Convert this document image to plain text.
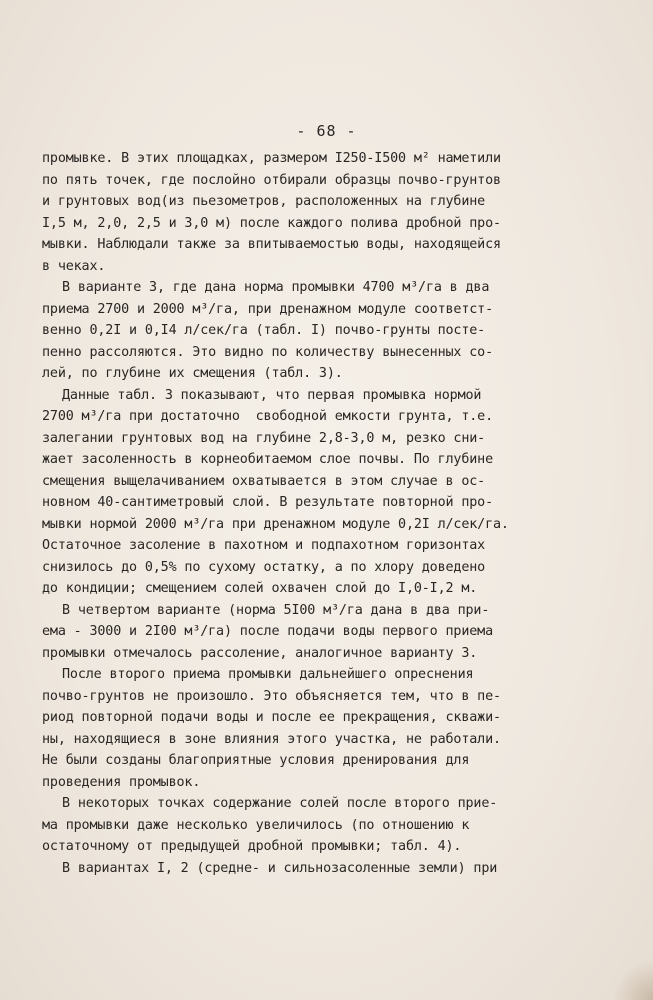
- 68 -
промывке. В этих площадках, размером I250-I500 м² наметили
по пять точек, где послойно отбирали образцы почво-грунтов
и грунтовых вод(из пьезометров, расположенных на глубине
I,5 м, 2,0, 2,5 и 3,0 м) после каждого полива дробной про-
мывки. Наблюдали также за впитываемостью воды, находящейся
в чеках.
В варианте 3, где дана норма промывки 4700 м³/га в два
приема 2700 и 2000 м³/га, при дренажном модуле соответст-
венно 0,2I и 0,I4 л/сек/га (табл. I) почво-грунты посте-
пенно рассоляются. Это видно по количеству вынесенных со-
лей, по глубине их смещения (табл. 3).
Данные табл. 3 показывают, что первая промывка нормой
2700 м³/га при достаточно  свободной емкости грунта, т.е.
залегании грунтовых вод на глубине 2,8-3,0 м, резко сни-
жает засоленность в корнеобитаемом слое почвы. По глубине
смещения выщелачиванием охватывается в этом случае в ос-
новном 40-сантиметровый слой. В результате повторной про-
мывки нормой 2000 м³/га при дренажном модуле 0,2I л/сек/га.
Остаточное засоление в пахотном и подпахотном горизонтах
снизилось до 0,5% по сухому остатку, а по хлору доведено
до кондиции; смещением солей охвачен слой до I,0-I,2 м.
В четвертом варианте (норма 5I00 м³/га дана в два при-
ема - 3000 и 2I00 м³/га) после подачи воды первого приема
промывки отмечалось рассоление, аналогичное варианту 3.
После второго приема промывки дальнейшего опреснения
почво-грунтов не произошло. Это объясняется тем, что в пе-
риод повторной подачи воды и после ее прекращения, скважи-
ны, находящиеся в зоне влияния этого участка, не работали.
Не были созданы благоприятные условия дренирования для
проведения промывок.
В некоторых точках содержание солей после второго прие-
ма промывки даже несколько увеличилось (по отношению к
остаточному от предыдущей дробной промывки; табл. 4).
В вариантах I, 2 (средне- и сильнозасоленные земли) при
